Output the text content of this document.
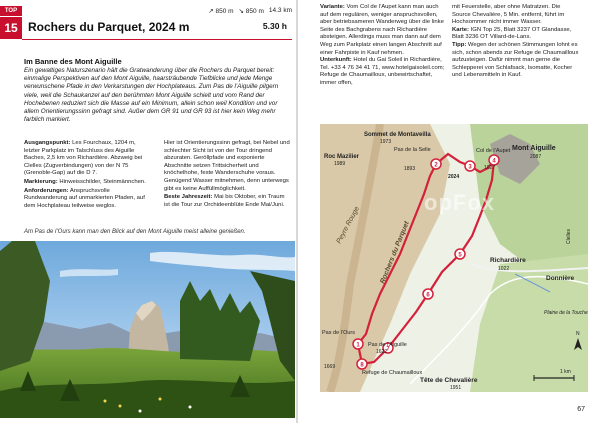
TOP
15
↗ 850 m ↘ 850 m 14.3 km
Rochers du Parquet, 2024 m	5.30 h
Im Banne des Mont Aiguille

Ein gewaltiges Naturszenario hält die Gratwanderung über die Rochers du Parquet bereit: einmalige Perspektiven auf den Mont Aiguille, haarsträubende Tiefblicke und jede Menge verwunschene Pfade in den Verkarstungen der Hochplateaus. Zum Pas de l’Aiguille pilgern viele, weil die Schaukanzel auf den berühmten Mont Aiguille schielt und vom Rand der Hochebenen reduziert sich die Masse auf ein Minimum, allein schon weil Kondition und vor allem Orientierungssinn gefragt sind. Außer dem GR 91 und GR 93 ist hier kein Weg mehr farblich markiert.

Ausgangspunkt: Les Fourchaux, 1204 m, letzter Parkplatz im Talschluss des Aiguille Baches, 2,5 km von Richardière. Abzweig bei Clelles (Zugverbindungen) von der N 75 (Grenoble-Gap) auf die D 7.

Markierung: Hinweisschilder, Steinmännchen.

Anforderungen: Anspruchsvolle Rundwanderung auf unmarkierten Pfaden, auf dem Hochplateau teilweise weglos.

Hier ist Orientierungssinn gefragt, bei Nebel und schlechter Sicht ist von der Tour dringend abzuraten. Geröllpfade und exponierte Abschnitte setzen Trittsicherheit und knöchelhohe, feste Wanderschuhe voraus. Genügend Wasser mitnehmen, denn unterwegs gibt es keine Auffüllmöglichkeit.

Beste Jahreszeit: Mai bis Oktober, ein Traum ist die Tour zur Orchideenblüte Ende Mai/Juni.

Am Pas de l’Ours kann man den Blick auf den Mont Aiguille meist alleine genießen.

Variante: Vom Col de l’Aupet kann man auch auf dem regulären, weniger anspruchsvollen, aber betriebsameren Wanderweg über die linke Seite des Bachgrabens nach Richardière absteigen. Allerdings muss man dann auf dem Weg zum Parkplatz einen langen Abschnitt auf einer Fahrpiste in Kauf nehmen.

Unterkunft: Hotel du Gai Soleil in Richardière, Tel. +33 4 76 34 41 71, www.hotelgaisoleil.com; Refuge de Chaumailloux, unbewirtschaftet, immer offen,

mit Feuerstelle, aber ohne Matratzen. Die Source Chevalière, 5 Min. entfernt, führt im Hochsommer nicht immer Wasser.

Karte: IGN Top 25, Blatt 3237 OT Glandasse, Blatt 3236 OT Villard-de-Lans.

Tipp: Wegen der schönen Stimmungen lohnt es sich, schon abends zur Refuge de Chaumailloux aufzusteigen. Dafür nimmt man gerne die Schlepperei von Schlafsack, Isomatte, Kocher und Lebensmitteln in Kauf.

1
2	3
4
5
6
7
8
Sommet de Montaveilla
1973
Roc Mazilier
1989
Pas de la Selle
1893
2024
Col de l’Aupet
1627
Mont Aiguille
2087
Peyre Rouge	Rochers du Parquet	Richardière
1022
Donnière
Clelles
Plaine de la Touche
Pas de l’Ours
Pas de l’Aiguille
1622
1669
Refuge de Chaumailloux
Tête de Chevalière
1951
1 km
N
opFox
67
